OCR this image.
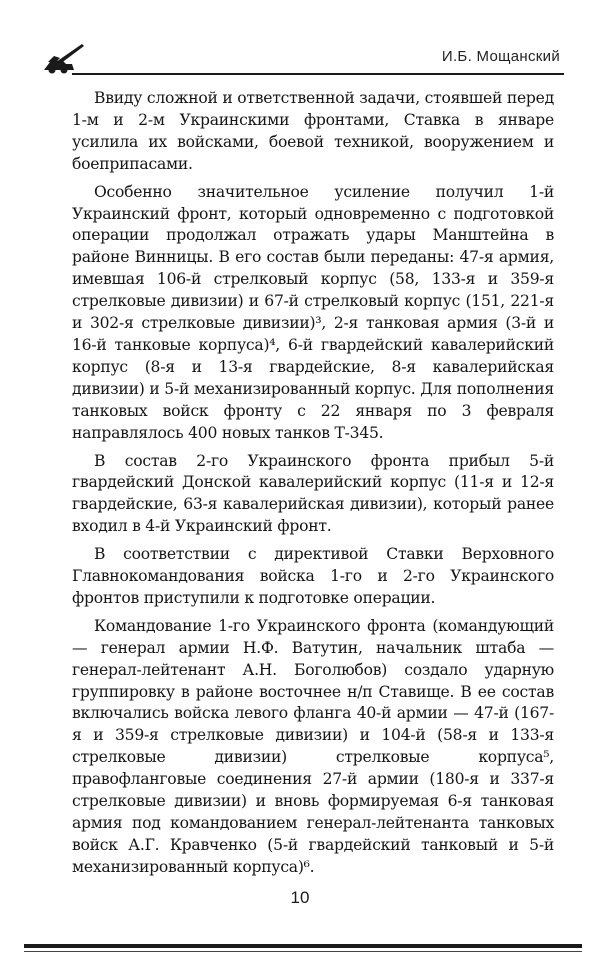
И.Б. Мощанский

Ввиду сложной и ответственной задачи, стоявшей перед 1-м и 2-м Украинскими фронтами, Ставка в январе усилила их войсками, боевой техникой, вооружением и боеприпасами.

Особенно значительное усиление получил 1-й Украинский фронт, который одновременно с подготовкой операции продолжал отражать удары Манштейна в районе Винницы. В его состав были переданы: 47-я армия, имевшая 106-й стрелковый корпус (58, 133-я и 359-я стрелковые дивизии) и 67-й стрелковый корпус (151, 221-я и 302-я стрелковые дивизии)³, 2-я танковая армия (3-й и 16-й танковые корпуса)⁴, 6-й гвардейский кавалерийский корпус (8-я и 13-я гвардейские, 8-я кавалерийская дивизии) и 5-й механизированный корпус. Для пополнения танковых войск фронту с 22 января по 3 февраля направлялось 400 новых танков Т-345.

В состав 2-го Украинского фронта прибыл 5-й гвардейский Донской кавалерийский корпус (11-я и 12-я гвардейские, 63-я кавалерийская дивизии), который ранее входил в 4-й Украинский фронт.

В соответствии с директивой Ставки Верховного Главнокомандования войска 1-го и 2-го Украинского фронтов приступили к подготовке операции.

Командование 1-го Украинского фронта (командующий — генерал армии Н.Ф. Ватутин, начальник штаба — генерал-лейтенант А.Н. Боголюбов) создало ударную группировку в районе восточнее н/п Ставище. В ее состав включались войска левого фланга 40-й армии — 47-й (167-я и 359-я стрелковые дивизии) и 104-й (58-я и 133-я стрелковые дивизии) стрелковые корпуса⁵, правофланговые соединения 27-й армии (180-я и 337-я стрелковые дивизии) и вновь формируемая 6-я танковая армия под командованием генерал-лейтенанта танковых войск А.Г. Кравченко (5-й гвардейский танковый и 5-й механизированный корпуса)⁶.

10
